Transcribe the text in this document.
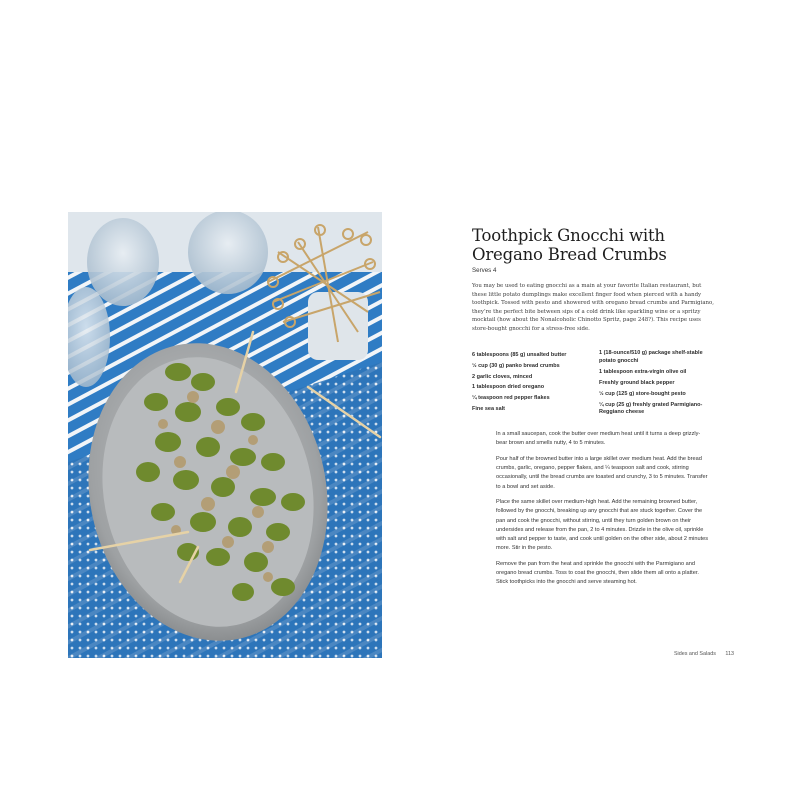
Toothpick Gnocchi with Oregano Bread Crumbs
Serves 4

You may be used to eating gnocchi as a main at your favorite Italian restaurant, but these little potato dumplings make excellent finger food when pierced with a handy toothpick. Tossed with pesto and showered with oregano bread crumbs and Parmigiano, they’re the perfect bite between sips of a cold drink like sparkling wine or a spritzy mocktail (how about the Nonalcoholic Chinotto Spritz, page 248?). This recipe uses store-bought gnocchi for a stress-free side.

6 tablespoons (85 g) unsalted butter
½ cup (30 g) panko bread crumbs
2 garlic cloves, minced
1 tablespoon dried oregano
¼ teaspoon red pepper flakes
Fine sea salt
1 (18-ounce/510 g) package shelf-stable potato gnocchi
1 tablespoon extra-virgin olive oil
Freshly ground black pepper
½ cup (125 g) store-bought pesto
¼ cup (25 g) freshly grated Parmigiano-Reggiano cheese

In a small saucepan, cook the butter over medium heat until it turns a deep grizzly-bear brown and smells nutty, 4 to 5 minutes.

Pour half of the browned butter into a large skillet over medium heat. Add the bread crumbs, garlic, oregano, pepper flakes, and ¼ teaspoon salt and cook, stirring occasionally, until the bread crumbs are toasted and crunchy, 3 to 5 minutes. Transfer to a bowl and set aside.

Place the same skillet over medium-high heat. Add the remaining browned butter, followed by the gnocchi, breaking up any gnocchi that are stuck together. Cover the pan and cook the gnocchi, without stirring, until they turn golden brown on their undersides and release from the pan, 2 to 4 minutes. Drizzle in the olive oil, sprinkle with salt and pepper to taste, and cook until golden on the other side, about 2 minutes more. Stir in the pesto.

Remove the pan from the heat and sprinkle the gnocchi with the Parmigiano and oregano bread crumbs. Toss to coat the gnocchi, then slide them all onto a platter. Stick toothpicks into the gnocchi and serve steaming hot.

Sides and Salads 113
